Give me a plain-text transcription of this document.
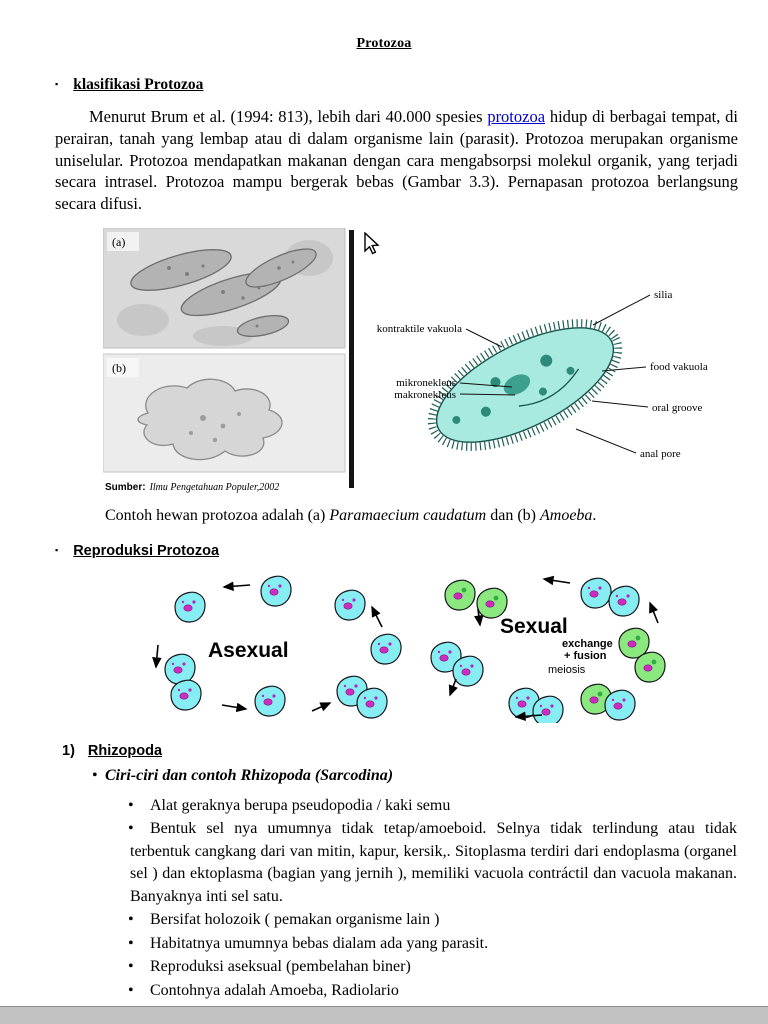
Protozoa
▪ klasifikasi Protozoa

Menurut Brum et al. (1994: 813), lebih dari 40.000 spesies protozoa hidup di berbagai tempat, di perairan, tanah yang lembap atau di dalam organisme lain (parasit). Protozoa merupakan organisme uniselular. Protozoa mendapatkan makanan dengan cara mengabsorpsi molekul organik, yang terjadi secara intrasel. Protozoa mampu bergerak bebas (Gambar 3.3). Pernapasan protozoa berlangsung secara difusi.

(a)
(b)
Sumber: Ilmu Pengetahuan Populer,2002
silia
kontraktile vakuola
food vakuola
mikronekleus
makronekleus
oral groove
anal pore

Contoh hewan protozoa adalah (a) Paramaecium caudatum dan (b) Amoeba.

▪ Reproduksi Protozoa
Asexual
Sexual
exchange
+ fusion
meiosis
1) Rhizopoda
• Ciri-ciri dan contoh Rhizopoda (Sarcodina)
• Alat geraknya berupa pseudopodia / kaki semu
• Bentuk sel nya umumnya tidak tetap/amoeboid. Selnya tidak terlindung atau tidak terbentuk cangkang dari van mitin, kapur, kersik,. Sitoplasma terdiri dari endoplasma (organel sel ) dan ektoplasma (bagian yang jernih ), memiliki vacuola contráctil dan vacuola makanan. Banyaknya inti sel satu.
• Bersifat holozoik ( pemakan organisme lain )
• Habitatnya umumnya bebas dialam ada yang parasit.
• Reproduksi aseksual (pembelahan biner)
• Contohnya adalah Amoeba, Radiolario
